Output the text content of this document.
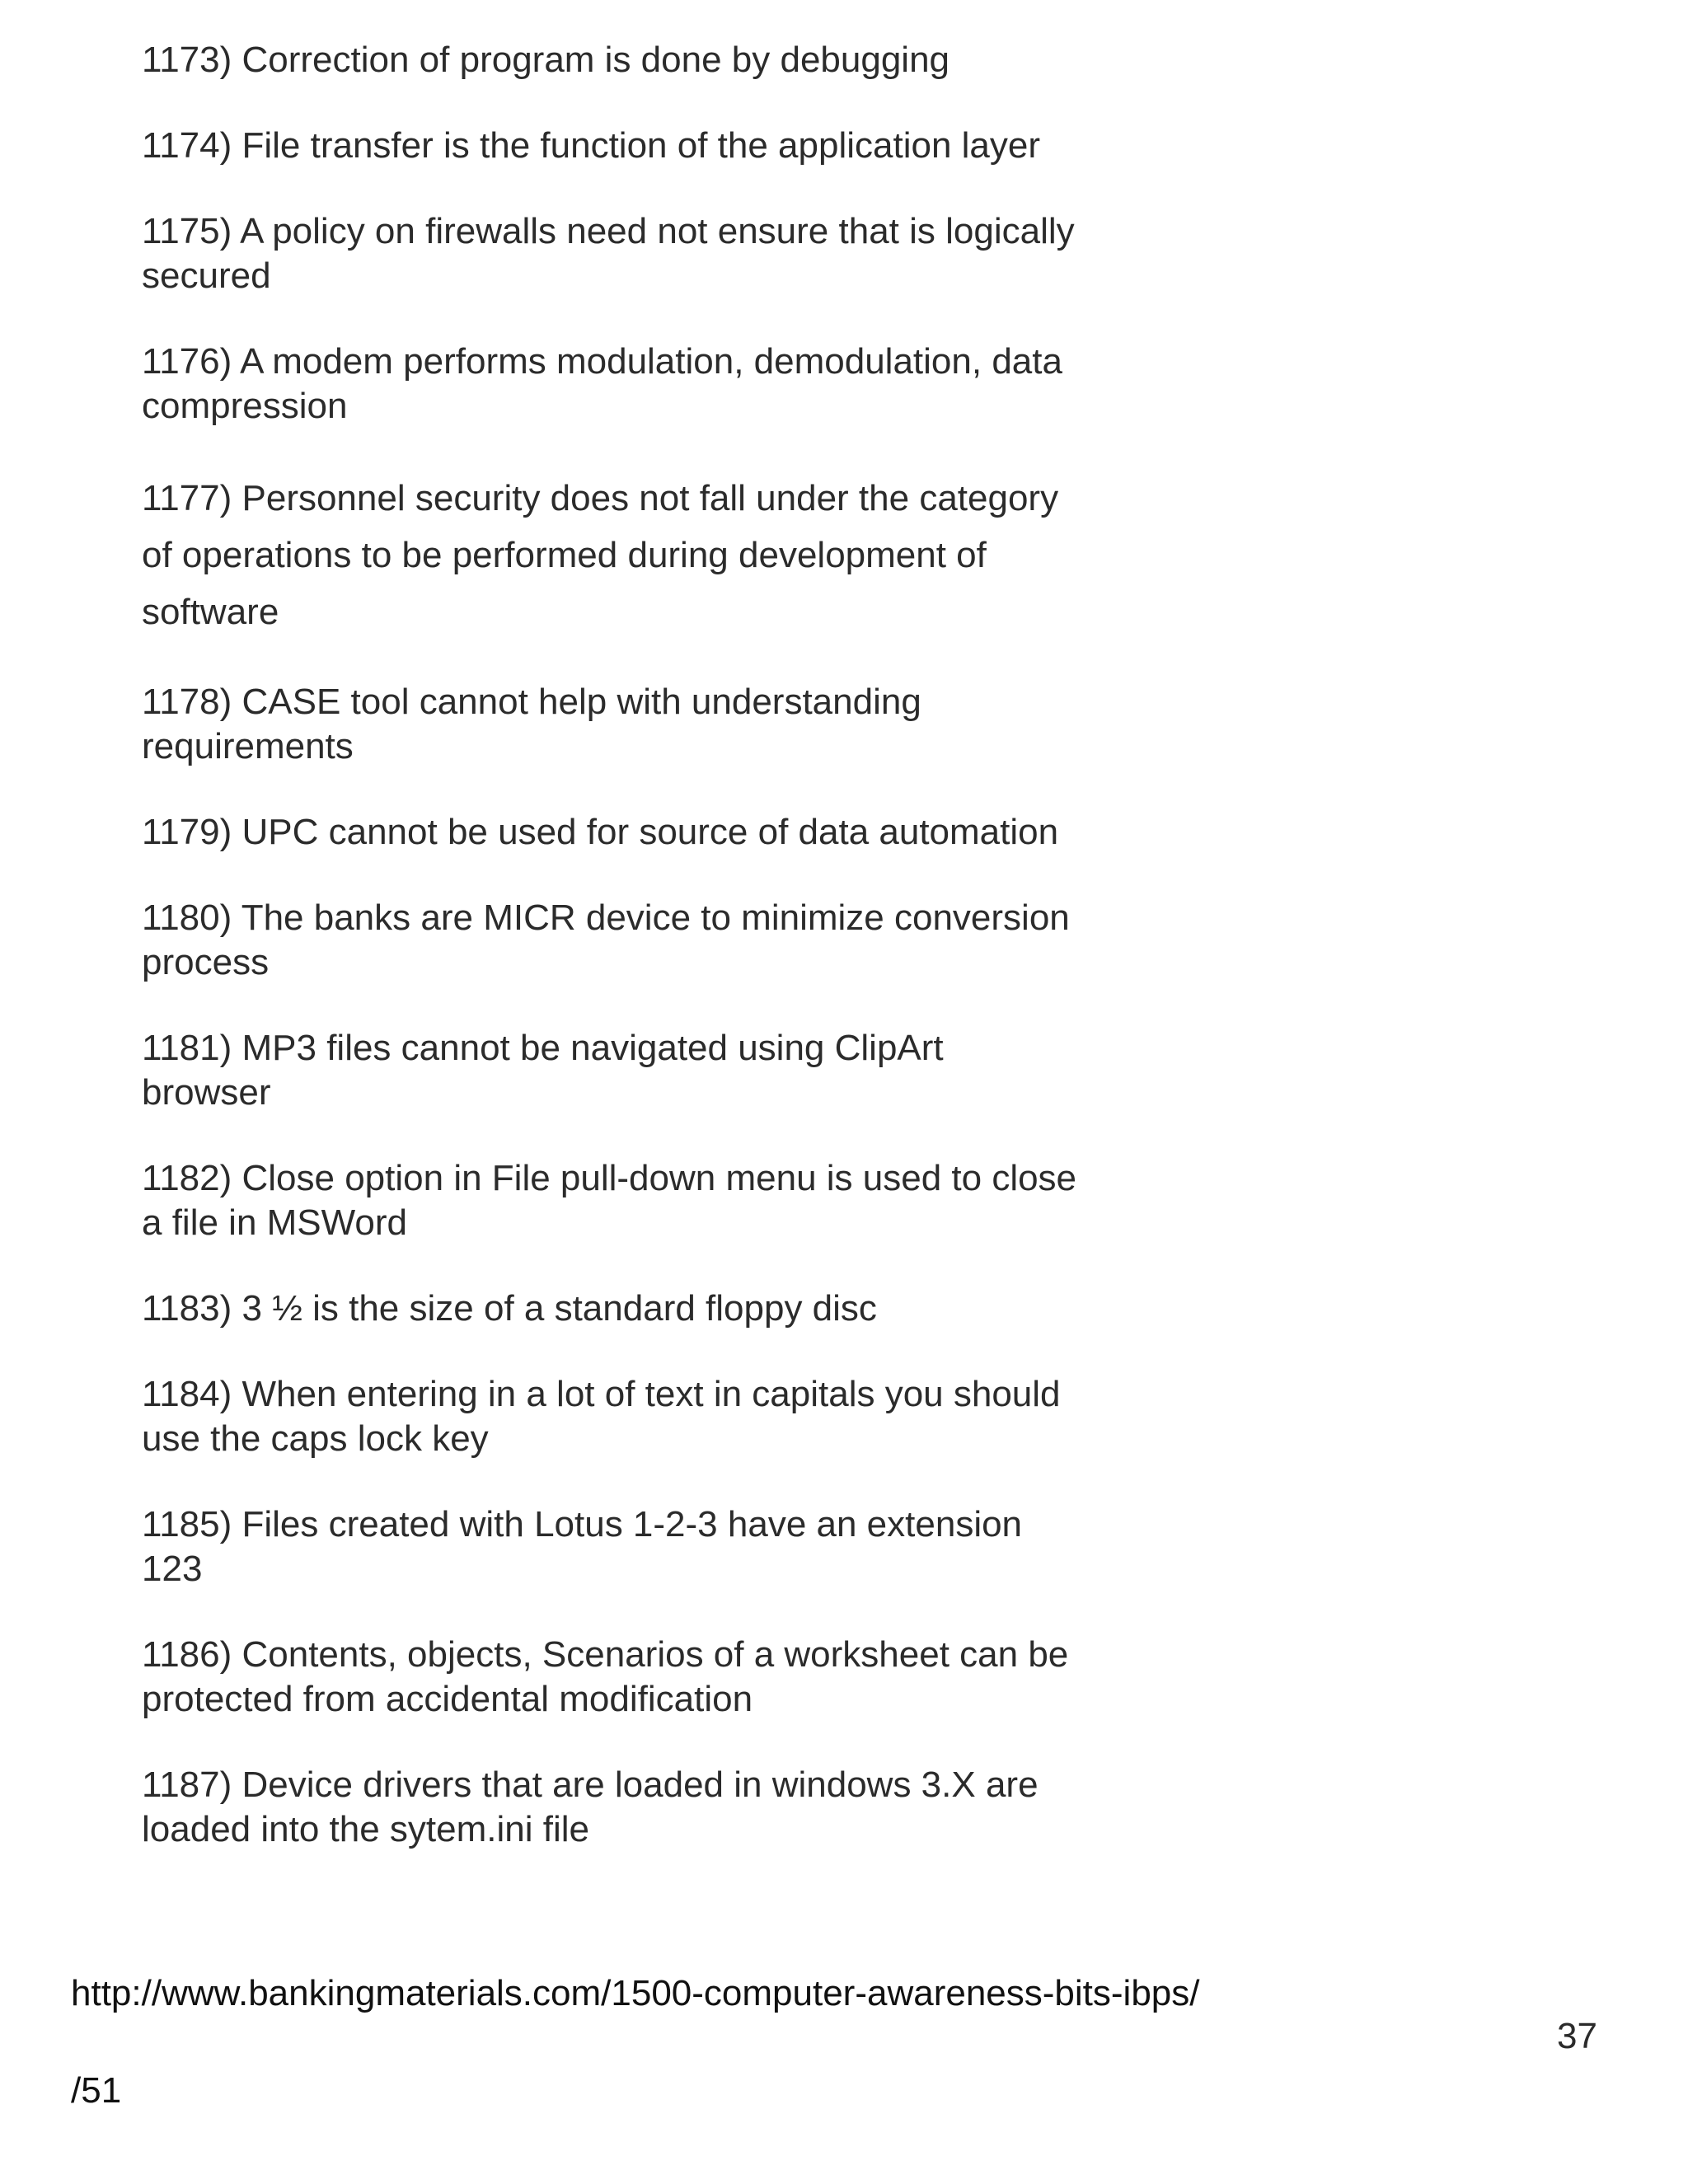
1173) Correction of program is done by debugging
1174) File transfer is the function of the application layer
1175) A policy on firewalls need not ensure that is logically secured
1176) A modem performs modulation, demodulation, data compression
1177) Personnel security does not fall under the category of operations to be performed during development of software
1178) CASE tool cannot help with understanding requirements
1179) UPC cannot be used for source of data automation
1180) The banks are MICR device to minimize conversion process
1181) MP3 files cannot be navigated using ClipArt browser
1182) Close option in File pull-down menu is used to close a file in MSWord
1183) 3 ½ is the size of a standard floppy disc
1184) When entering in a lot of text in capitals you should use the caps lock key
1185) Files created with Lotus 1-2-3 have an extension 123
1186) Contents, objects, Scenarios of a worksheet can be protected from accidental modification
1187) Device drivers that are loaded in windows 3.X are loaded into the sytem.ini file
http://www.bankingmaterials.com/1500-computer-awareness-bits-ibps/
37
/51
